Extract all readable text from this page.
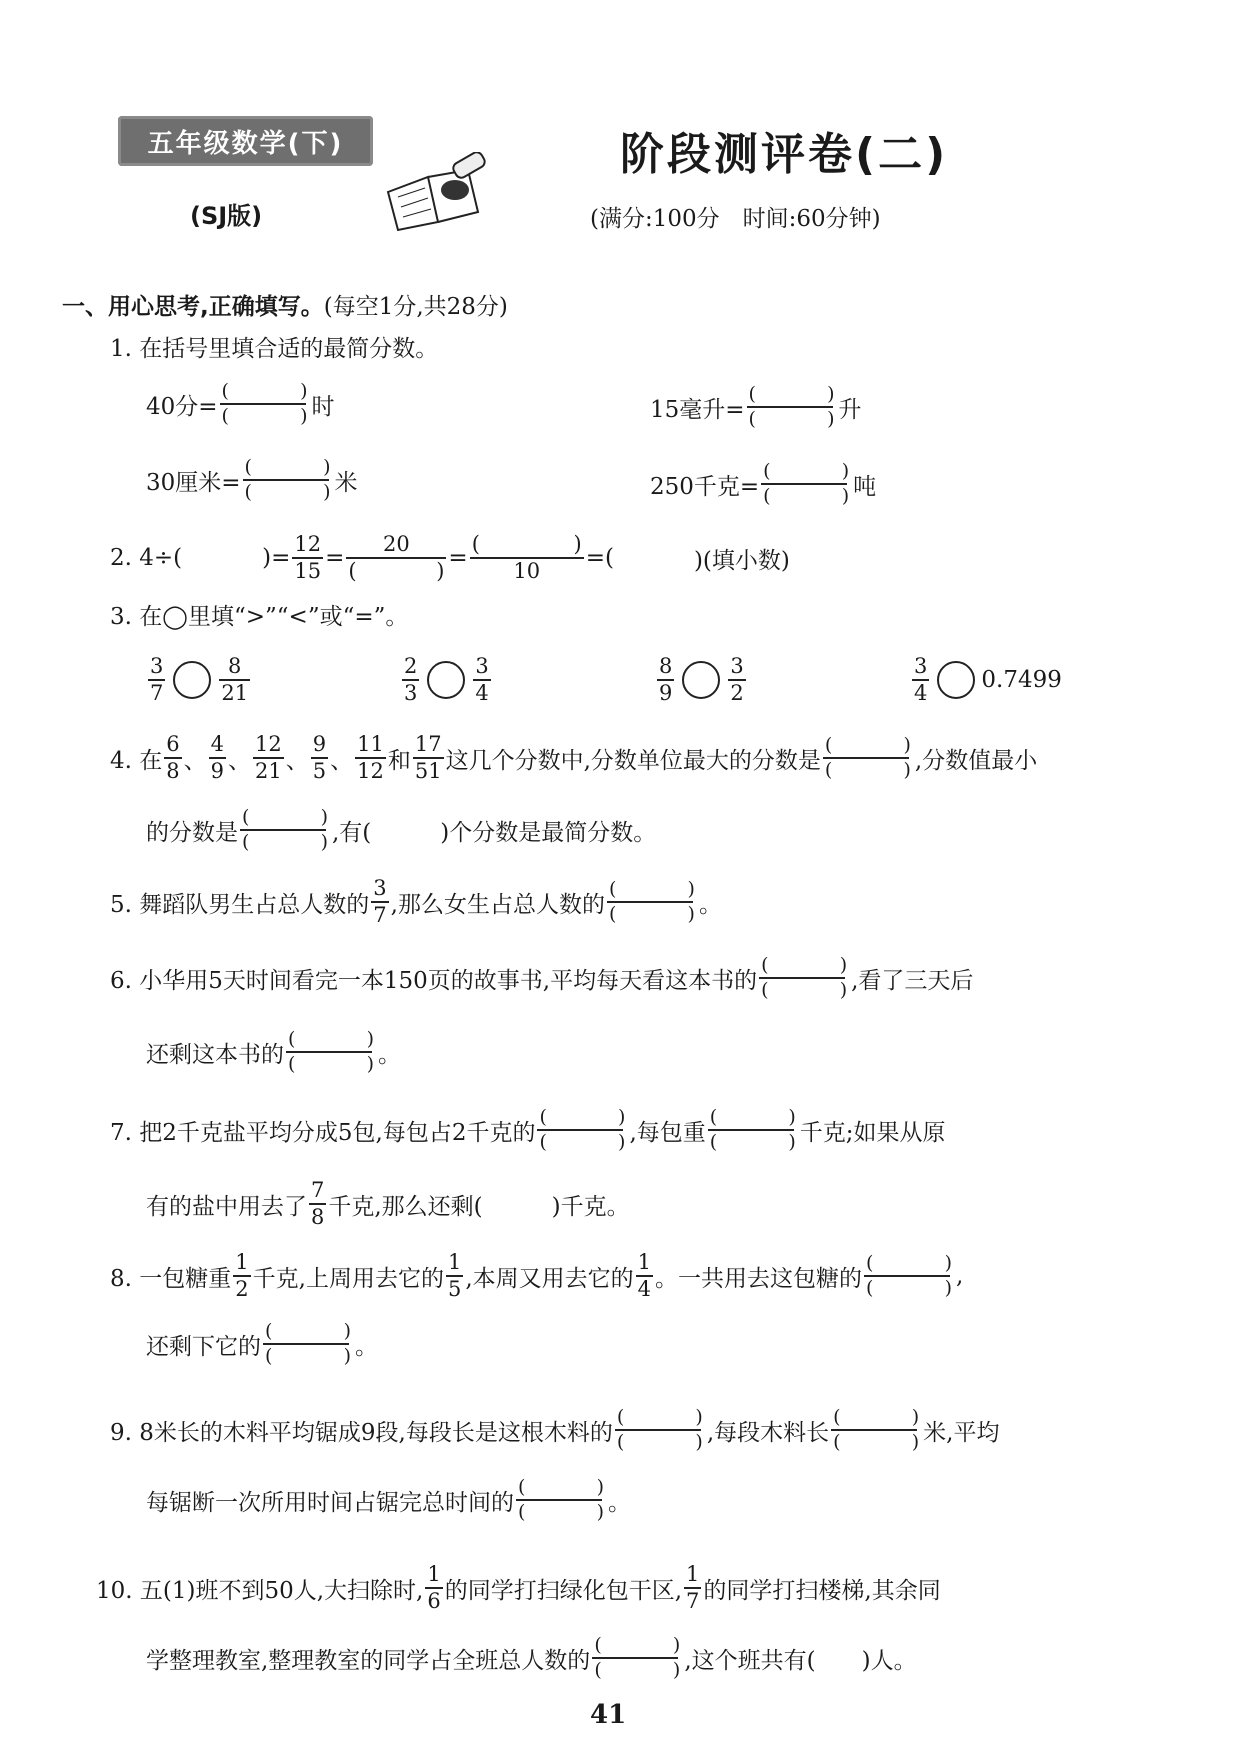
五年级数学(下)
(SJ版)
阶段测评卷(二)
(满分:100分　时间:60分钟)
一、用心思考,正确填写。(每空1分,共28分)
1. 在括号里填合适的最简分数。
40分=
(	)
(	) 时	15毫升=
(	)
(	) 升
30厘米=
(	)
(	) 米	250千克=
(	)
(	) 吨
2.
4÷(	)=
12
15 =
20
(	) =
(	)
10	=(	)(填小数)
3. 在◯里填“>”“<”或“=”。
3
7
8
21
2
3
3
4
8
9
3
2
3
4 0.7499
4. 在
6
8 、
4
9 、
12
21 、
9
5 、
11
12 和
17
51 这几个分数中,分数单位最大的分数是
(	)
(	) ,分数值最小
的分数是
(	)
(	) ,有(　　　)个分数是最简分数。
5. 舞蹈队男生占总人数的
3
7 ,那么女生占总人数的
(	)
(	) 。
6. 小华用5天时间看完一本150页的故事书,平均每天看这本书的
(	)
(	) ,看了三天后
还剩这本书的
(	)
(	) 。
7. 把2千克盐平均分成5包,每包占2千克的
(	)
(	) ,每包重
(	)
(	) 千克;如果从原
有的盐中用去了
7
8 千克,那么还剩(　　　)千克。
8. 一包糖重
1
2 千克,上周用去它的
1
5 ,本周又用去它的
1
4 。一共用去这包糖的
(	)
(	) ,
还剩下它的
(	)
(	) 。
9. 8米长的木料平均锯成9段,每段长是这根木料的
(	)
(	) ,每段木料长
(	)
(	) 米,平均
每锯断一次所用时间占锯完总时间的
(	)
(	) 。
10. 五(1)班不到50人,大扫除时,
1
6 的同学打扫绿化包干区,
1
7 的同学打扫楼梯,其余同
学整理教室,整理教室的同学占全班总人数的
(	)
(	) ,这个班共有(　　)人。
41
